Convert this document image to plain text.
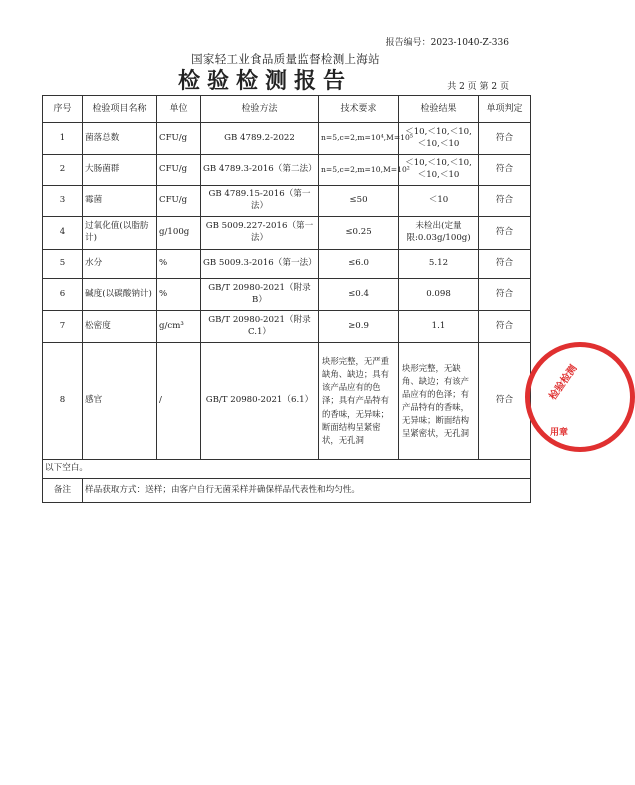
报告编号：2023-1040-Z-336
国家轻工业食品质量监督检测上海站
检验检测报告	共 2 页 第 2 页
序号	检验项目名称	单位	检验方法	技术要求	检验结果	单项判定
1	菌落总数	CFU/g	GB 4789.2-2022	n=5,c=2,m=10⁴,M=10⁵	＜10,＜10,＜10,＜10,＜10	符合
2	大肠菌群	CFU/g	GB 4789.3-2016（第二法）	n=5,c=2,m=10,M=10²	＜10,＜10,＜10,＜10,＜10	符合
3	霉菌	CFU/g	GB 4789.15-2016（第一法）	≤50	＜10	符合
4	过氧化值(以脂肪计)	g/100g	GB 5009.227-2016（第一法）	≤0.25	未检出(定量限:0.03g/100g)	符合
5	水分	%	GB 5009.3-2016（第一法）	≤6.0	5.12	符合
6	碱度(以碳酸钠计)	%	GB/T 20980-2021（附录 B）	≤0.4	0.098	符合
7	松密度	g/cm³	GB/T 20980-2021（附录 C.1）	≥0.9	1.1	符合
8	感官	/	GB/T 20980-2021（6.1）	块形完整，无严重缺角、缺边；具有该产品应有的色泽；具有产品特有的香味，无异味；断面结构呈紧密状，无孔洞	块形完整，无缺角、缺边；有该产品应有的色泽；有产品特有的香味，无异味；断面结构呈紧密状，无孔洞	符合
以下空白。						
备注	样品获取方式：送样；由客户自行无菌采样并确保样品代表性和均匀性。					
检验检测
用章
